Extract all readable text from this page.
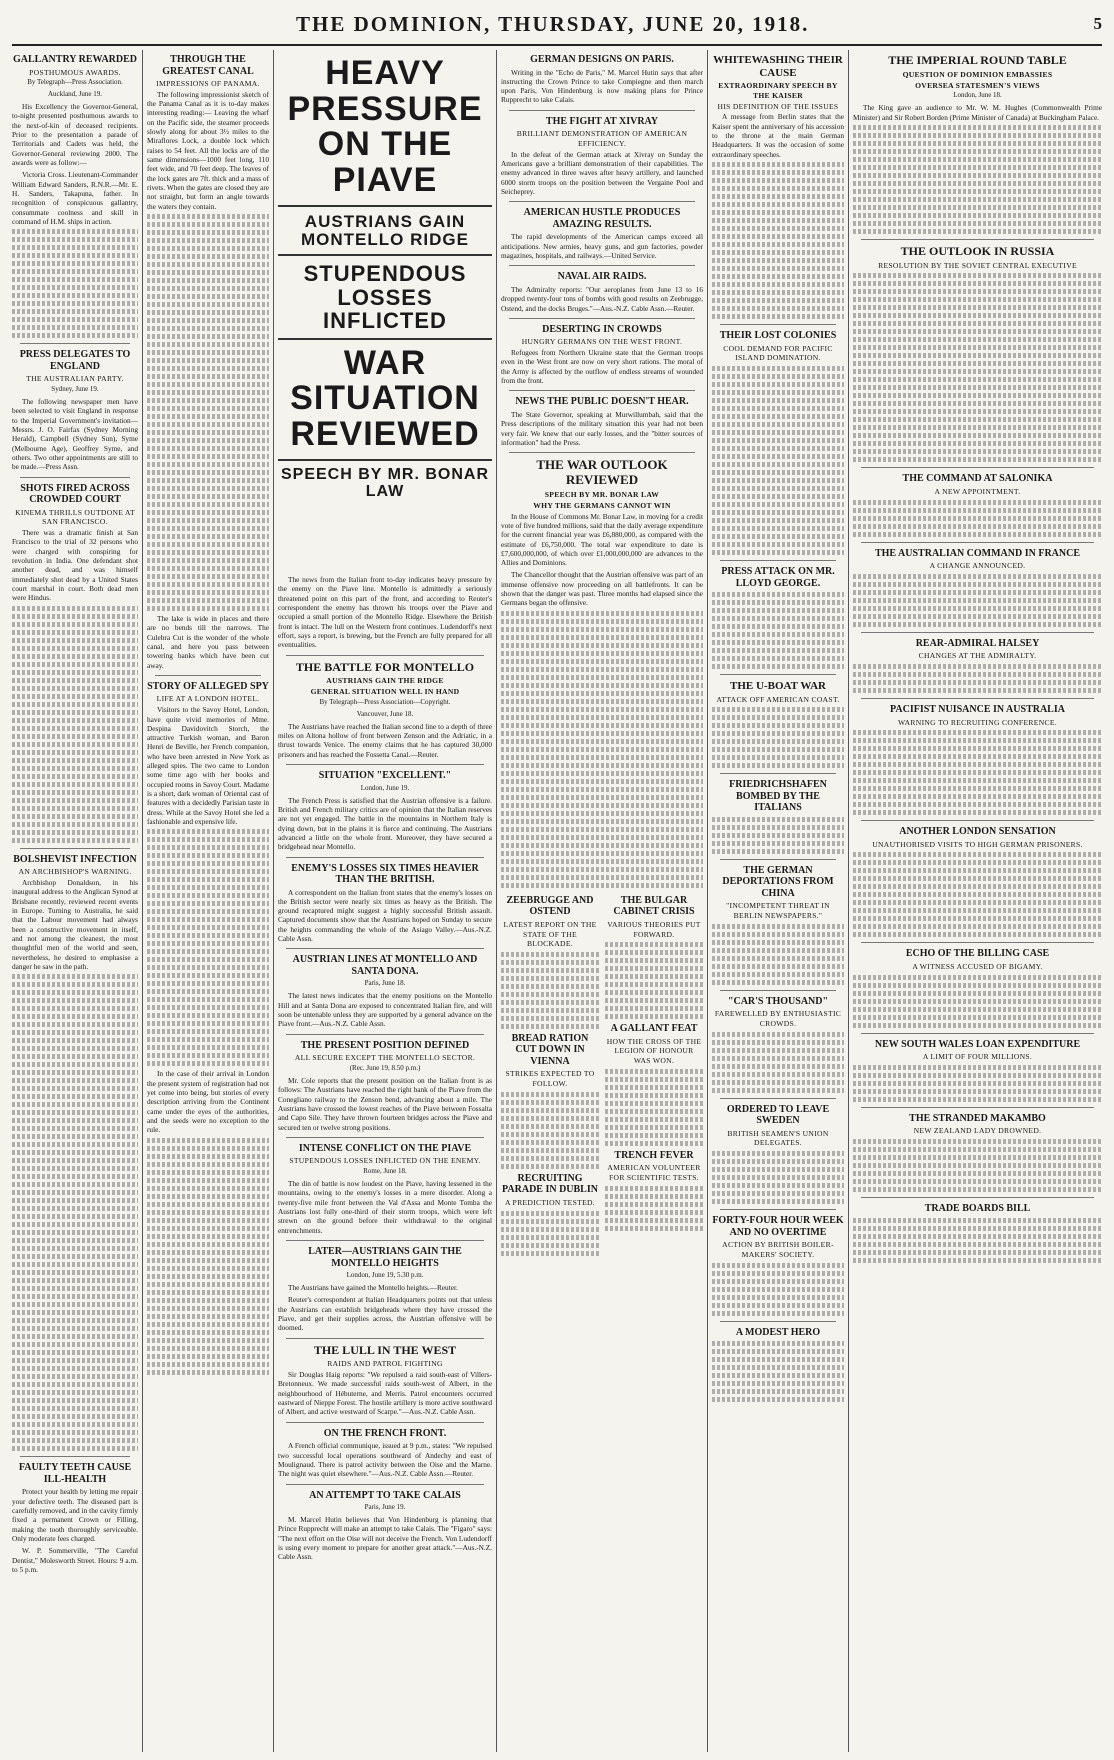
THE DOMINION, THURSDAY, JUNE 20, 1918.	5
GALLANTRY REWARDED
POSTHUMOUS AWARDS.
By Telegraph—Press Association.
Auckland, June 19.

His Excellency the Governor-General, to-night presented posthumous awards to the next-of-kin of deceased recipients. Prior to the presentation a parade of Territorials and Cadets was held, the Governor-General reviewing 2000. The awards were as follow:—

Victoria Cross. Lieutenant-Commander William Edward Sanders, R.N.R.—Mr. E. H. Sanders, Takapuna, father. In recognition of conspicuous gallantry, consummate coolness and skill in command of H.M. ships in action.

PRESS DELEGATES TO ENGLAND
THE AUSTRALIAN PARTY.
Sydney, June 19.

The following newspaper men have been selected to visit England in response to the Imperial Government's invitation—Messrs. J. O. Fairfax (Sydney Morning Herald), Campbell (Sydney Sun), Syme (Melbourne Age), Geoffrey Syme, and others. Two other appointments are still to be made.—Press Assn.

SHOTS FIRED ACROSS CROWDED COURT
KINEMA THRILLS OUTDONE AT SAN FRANCISCO.

There was a dramatic finish at San Francisco to the trial of 32 persons who were charged with conspiring for revolution in India. One defendant shot another dead, and was himself immediately shot dead by a United States court marshal in court. Both dead men were Hindus.

BOLSHEVIST INFECTION
AN ARCHBISHOP'S WARNING.

Archbishop Donaldson, in his inaugural address to the Anglican Synod at Brisbane recently, reviewed recent events in Europe. Turning to Australia, he said that the Labour movement had always been a constructive movement in itself, and not among the cleanest, the most thoughtful men of the world and seen, nevertheless, he desired to emphasise a danger he saw in the path.

FAULTY TEETH CAUSE ILL-HEALTH

Protect your health by letting me repair your defective teeth. The diseased part is carefully removed, and in the cavity firmly fixed a permanent Crown or Filling, making the tooth thoroughly serviceable. Only moderate fees charged.

W. P. Sommerville, "The Careful Dentist," Molesworth Street. Hours: 9 a.m. to 5 p.m.

THROUGH THE GREATEST CANAL
IMPRESSIONS OF PANAMA.

The following impressionist sketch of the Panama Canal as it is to-day makes interesting reading:— Leaving the wharf on the Pacific side, the steamer proceeds slowly along for about 3½ miles to the Miraflores Lock, a double lock which raises to 54 feet. All the locks are of the same dimensions—1000 feet long, 110 feet wide, and 70 feet deep. The leaves of the lock gates are 7ft. thick and a mass of rivets. When the gates are closed they are not straight, but form an angle towards the waters they contain.

The lake is wide in places and there are no bends till the narrows. The Culebra Cut is the wonder of the whole canal, and here you pass between towering banks which have been cut away.

STORY OF ALLEGED SPY
LIFE AT A LONDON HOTEL.

Visitors to the Savoy Hotel, London, have quite vivid memories of Mme. Despina Davidovitch Storch, the attractive Turkish woman, and Baron Henri de Beville, her French companion, who have been arrested in New York as alleged spies. The two came to London some time ago with her books and occupied rooms in Savoy Court. Madame is a short, dark woman of Oriental cast of features with a decidedly Parisian taste in dress. While at the Savoy Hotel she led a fashionable and expensive life.

In the case of their arrival in London the present system of registration had not yet come into being, but stories of every description arriving from the Continent came under the eyes of the authorities, and the seeds were no exception to the rule.

HEAVY PRESSURE ON THE PIAVE
AUSTRIANS GAIN MONTELLO RIDGE
STUPENDOUS LOSSES INFLICTED
WAR SITUATION REVIEWED
SPEECH BY MR. BONAR LAW

The news from the Italian front to-day indicates heavy pressure by the enemy on the Piave line. Montello is admittedly a seriously threatened point on this part of the front, and according to Reuter's correspondent the enemy has thrown his troops over the Piave and occupied a small portion of the Montello Ridge. Elsewhere the British front is intact. The lull on the Western front continues. Ludendorff's next effort, says a report, is brewing, but the French are fully prepared for all eventualities.

THE BATTLE FOR MONTELLO
AUSTRIANS GAIN THE RIDGE
GENERAL SITUATION WELL IN HAND
By Telegraph—Press Association—Copyright.
Vancouver, June 18.

The Austrians have reached the Italian second line to a depth of three miles on Altona hollow of front between Zenson and the Adriatic, in a thrust towards Venice. The enemy claims that he has captured 30,000 prisoners and has reached the Fossetta Canal.—Reuter.

SITUATION "EXCELLENT."
London, June 19.

The French Press is satisfied that the Austrian offensive is a failure. British and French military critics are of opinion that the Italian reserves are not yet engaged. The battle in the mountains in Northern Italy is dying down, but in the plains it is fierce and continuing. The Austrians advanced a little on the whole front. Moreover, they have secured a bridgehead near Montello.

ENEMY'S LOSSES SIX TIMES HEAVIER THAN THE BRITISH.

A correspondent on the Italian front states that the enemy's losses on the British sector were nearly six times as heavy as the British. The ground recaptured might suggest a highly successful British assault. Captured documents show that the Austrians hoped on Sunday to secure the heights commanding the whole of the Asiago Valley.—Aus.-N.Z. Cable Assn.

AUSTRIAN LINES AT MONTELLO AND SANTA DONA.
Paris, June 18.

The latest news indicates that the enemy positions on the Montello Hill and at Santa Dona are exposed to concentrated Italian fire, and will soon be untenable unless they are supported by a general advance on the Piave front.—Aus.-N.Z. Cable Assn.

THE PRESENT POSITION DEFINED
ALL SECURE EXCEPT THE MONTELLO SECTOR.
(Rec. June 19, 8.50 p.m.)

Mr. Cole reports that the present position on the Italian front is as follows: The Austrians have reached the right bank of the Piave from the Conegliano railway to the Zenson bend, advancing about a mile. The Austrians have crossed the lowest reaches of the Piave between Fossalta and Capo Sile. They have thrown fourteen bridges across the Piave and secured ten or twelve strong positions.

INTENSE CONFLICT ON THE PIAVE
STUPENDOUS LOSSES INFLICTED ON THE ENEMY.
Rome, June 18.

The din of battle is now loudest on the Piave, having lessened in the mountains, owing to the enemy's losses in a mere disorder. Along a twenty-five mile front between the Val d'Assa and Monte Tomba the Austrians lost fully one-third of their storm troops, which were left strewn on the ground before their withdrawal to the original entrenchments.

LATER—AUSTRIANS GAIN THE MONTELLO HEIGHTS
London, June 19, 5.30 p.m.

The Austrians have gained the Montello heights.—Reuter.

Reuter's correspondent at Italian Headquarters points out that unless the Austrians can establish bridgeheads where they have crossed the Piave, and get their supplies across, the Austrian offensive will be doomed.

THE LULL IN THE WEST
RAIDS AND PATROL FIGHTING

Sir Douglas Haig reports: "We repulsed a raid south-east of Villers-Bretonneux. We made successful raids south-west of Albert, in the neighbourhood of Hébuterne, and Merris. Patrol encounters occurred eastward of Nieppe Forest. The hostile artillery is more active southward of Albert, and active westward of Scarpe."—Aus.-N.Z. Cable Assn.

ON THE FRENCH FRONT.

A French official communique, issued at 9 p.m., states: "We repulsed two successful local operations southward of Andechy and east of Moulignaud. There is patrol activity between the Oise and the Marne. The night was quiet elsewhere."—Aus.-N.Z. Cable Assn.—Reuter.

AN ATTEMPT TO TAKE CALAIS
Paris, June 19.

M. Marcel Hutin believes that Von Hindenburg is planning that Prince Rupprecht will make an attempt to take Calais. The "Figaro" says: "The next effort on the Oise will not deceive the French. Von Ludendorff is using every moment to prepare for another great attack."—Aus.-N.Z. Cable Assn.

GERMAN DESIGNS ON PARIS.

Writing in the "Echo de Paris," M. Marcel Hutin says that after instructing the Crown Prince to take Compiegne and then march upon Paris, Von Hindenburg is now making plans for Prince Rupprecht to take Calais.

THE FIGHT AT XIVRAY
BRILLIANT DEMONSTRATION OF AMERICAN EFFICIENCY.

In the defeat of the German attack at Xivray on Sunday the Americans gave a brilliant demonstration of their capabilities. The enemy advanced in three waves after heavy artillery, and launched 6000 storm troops on the position between the Vergaine Pool and Seicheprey.

AMERICAN HUSTLE PRODUCES AMAZING RESULTS.

The rapid developments of the American camps exceed all anticipations. New armies, heavy guns, and gun factories, powder magazines, hospitals, and railways.—United Service.

NAVAL AIR RAIDS.

The Admiralty reports: "Our aeroplanes from June 13 to 16 dropped twenty-four tons of bombs with good results on Zeebrugge, Ostend, and the docks Bruges."—Aus.-N.Z. Cable Assn.—Reuter.

DESERTING IN CROWDS
HUNGRY GERMANS ON THE WEST FRONT.

Refugees from Northern Ukraine state that the German troops even in the West front are now on very short rations. The moral of the Army is affected by the outflow of endless streams of wounded from the front.

NEWS THE PUBLIC DOESN'T HEAR.

The State Governor, speaking at Murwillumbah, said that the Press descriptions of the military situation this year had not been very fair. We knew that our early losses, and the "bitter sources of information" had the Press.

THE WAR OUTLOOK REVIEWED
SPEECH BY MR. BONAR LAW
WHY THE GERMANS CANNOT WIN

In the House of Commons Mr. Bonar Law, in moving for a credit vote of five hundred millions, said that the daily average expenditure for the current financial year was £6,880,000, as compared with the estimate of £6,750,000. The total war expenditure to date is £7,600,000,000, of which over £1,000,000,000 are advances to the Allies and Dominions.

The Chancellor thought that the Austrian offensive was part of an immense offensive now proceeding on all battlefronts. It can be shown that the danger was past. Three months had elapsed since the Germans began the offensive.

ZEEBRUGGE AND OSTEND
LATEST REPORT ON THE STATE OF THE BLOCKADE.
BREAD RATION CUT DOWN IN VIENNA
STRIKES EXPECTED TO FOLLOW.
RECRUITING PARADE IN DUBLIN
A PREDICTION TESTED.
THE BULGAR CABINET CRISIS
VARIOUS THEORIES PUT FORWARD.
A GALLANT FEAT
HOW THE CROSS OF THE LEGION OF HONOUR WAS WON.
TRENCH FEVER
AMERICAN VOLUNTEER FOR SCIENTIFIC TESTS.
WHITEWASHING THEIR CAUSE
EXTRAORDINARY SPEECH BY THE KAISER
HIS DEFINITION OF THE ISSUES

A message from Berlin states that the Kaiser spent the anniversary of his accession to the throne at the main German Headquarters. It was the occasion of some extraordinary speeches.

THEIR LOST COLONIES
COOL DEMAND FOR PACIFIC ISLAND DOMINATION.
PRESS ATTACK ON MR. LLOYD GEORGE.
THE U-BOAT WAR
ATTACK OFF AMERICAN COAST.
FRIEDRICHSHAFEN BOMBED BY THE ITALIANS
THE GERMAN DEPORTATIONS FROM CHINA
"INCOMPETENT THREAT IN BERLIN NEWSPAPERS."
"CAR'S THOUSAND"
FAREWELLED BY ENTHUSIASTIC CROWDS.
ORDERED TO LEAVE SWEDEN
BRITISH SEAMEN'S UNION DELEGATES.
FORTY-FOUR HOUR WEEK AND NO OVERTIME
ACTION BY BRITISH BOILER-MAKERS' SOCIETY.
A MODEST HERO
THE IMPERIAL ROUND TABLE
QUESTION OF DOMINION EMBASSIES
OVERSEA STATESMEN'S VIEWS
London, June 18.

The King gave an audience to Mr. W. M. Hughes (Commonwealth Prime Minister) and Sir Robert Borden (Prime Minister of Canada) at Buckingham Palace.

THE OUTLOOK IN RUSSIA
RESOLUTION BY THE SOVIET CENTRAL EXECUTIVE
THE COMMAND AT SALONIKA
A NEW APPOINTMENT.
THE AUSTRALIAN COMMAND IN FRANCE
A CHANGE ANNOUNCED.
REAR-ADMIRAL HALSEY
CHANGES AT THE ADMIRALTY.
PACIFIST NUISANCE IN AUSTRALIA
WARNING TO RECRUITING CONFERENCE.
ANOTHER LONDON SENSATION
UNAUTHORISED VISITS TO HIGH GERMAN PRISONERS.
ECHO OF THE BILLING CASE
A WITNESS ACCUSED OF BIGAMY.
NEW SOUTH WALES LOAN EXPENDITURE
A LIMIT OF FOUR MILLIONS.
THE STRANDED MAKAMBO
NEW ZEALAND LADY DROWNED.
TRADE BOARDS BILL
